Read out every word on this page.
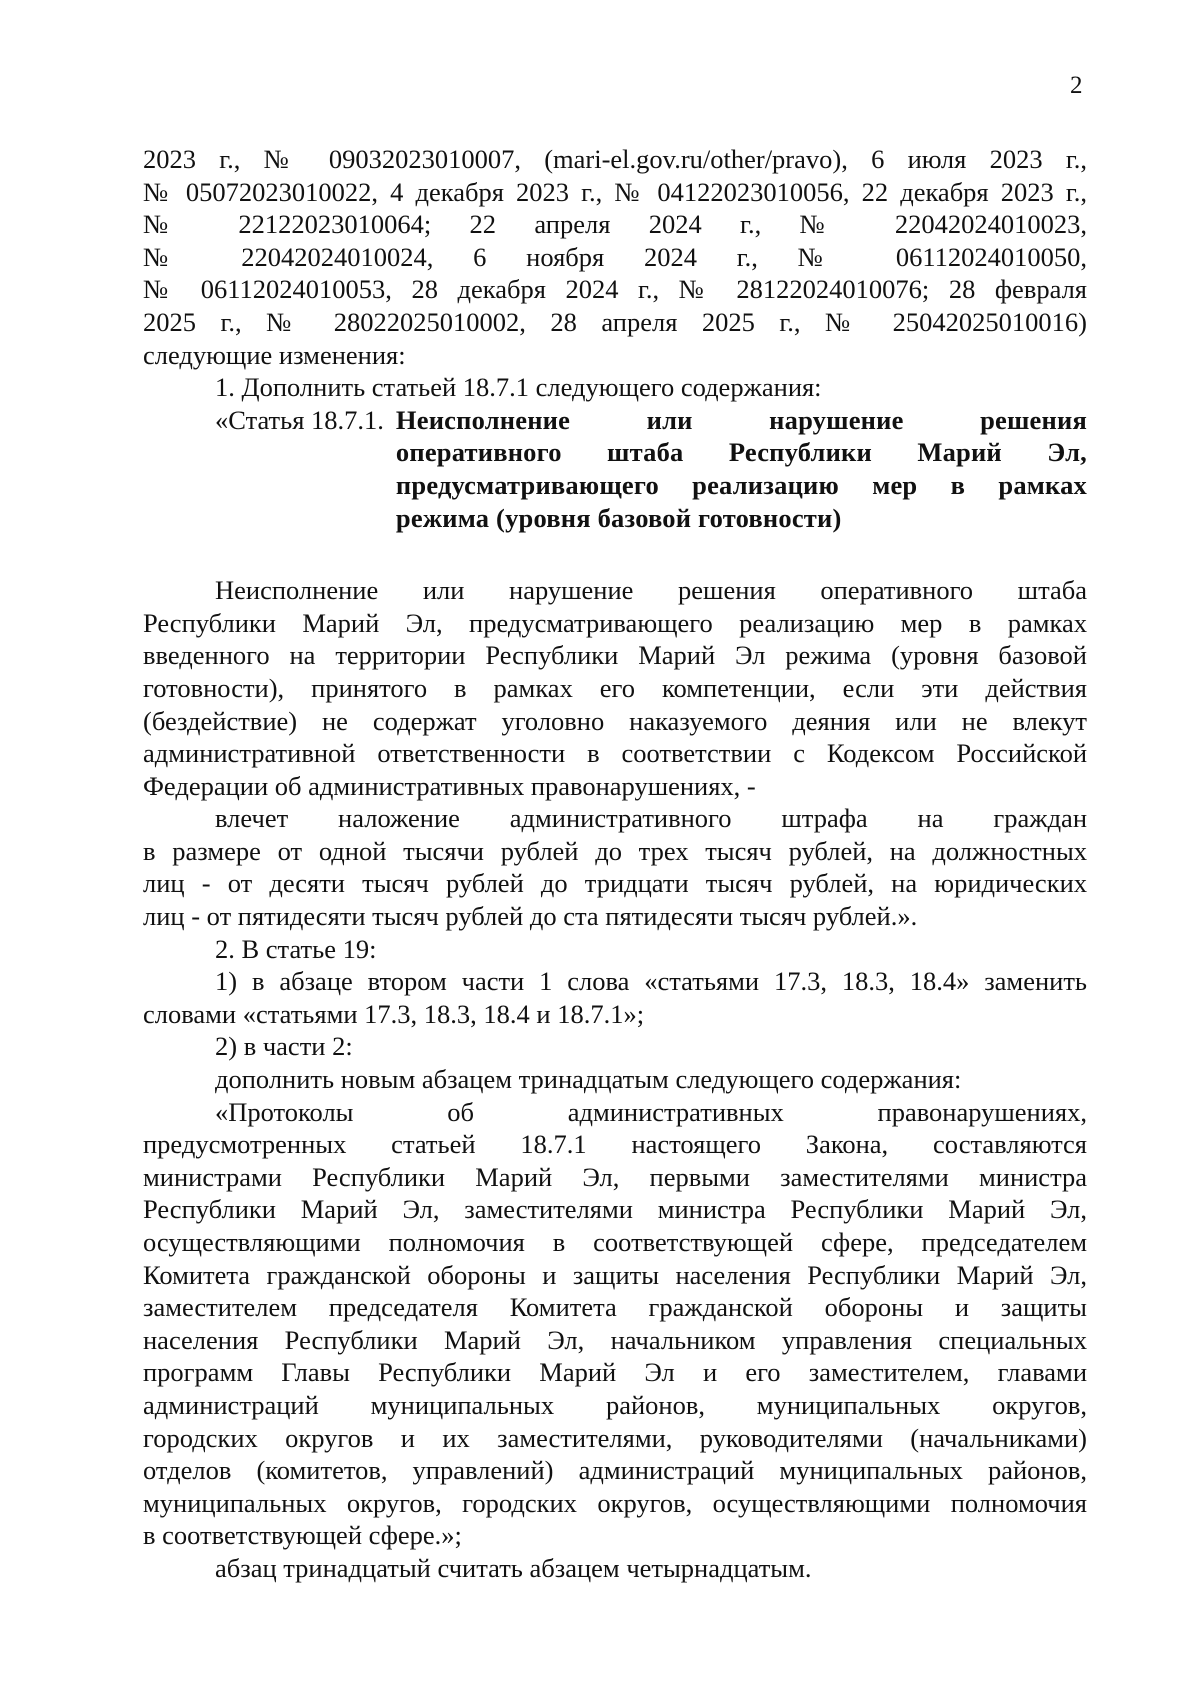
2
2023 г., № 09032023010007, (mari-el.gov.ru/other/pravo), 6 июля 2023 г.,
№ 05072023010022, 4 декабря 2023 г., № 04122023010056, 22 декабря 2023 г.,
№ 22122023010064; 22 апреля 2024 г., № 22042024010023,
№ 22042024010024, 6 ноября 2024 г., № 06112024010050,
№ 06112024010053, 28 декабря 2024 г., № 28122024010076; 28 февраля
2025 г., № 28022025010002, 28 апреля 2025 г., № 25042025010016)
следующие изменения:
1. Дополнить статьей 18.7.1 следующего содержания:
«Статья 18.7.1. Неисполнение или нарушение решения
оперативного штаба Республики Марий Эл,
предусматривающего реализацию мер в рамках
режима (уровня базовой готовности)
Неисполнение или нарушение решения оперативного штаба
Республики Марий Эл, предусматривающего реализацию мер в рамках
введенного на территории Республики Марий Эл режима (уровня базовой
готовности), принятого в рамках его компетенции, если эти действия
(бездействие) не содержат уголовно наказуемого деяния или не влекут
административной ответственности в соответствии с Кодексом Российской
Федерации об административных правонарушениях, -
влечет наложение административного штрафа на граждан
в размере от одной тысячи рублей до трех тысяч рублей, на должностных
лиц - от десяти тысяч рублей до тридцати тысяч рублей, на юридических
лиц - от пятидесяти тысяч рублей до ста пятидесяти тысяч рублей.».
2. В статье 19:
1) в абзаце втором части 1 слова «статьями 17.3, 18.3, 18.4» заменить
словами «статьями 17.3, 18.3, 18.4 и 18.7.1»;
2) в части 2:
дополнить новым абзацем тринадцатым следующего содержания:
«Протоколы об административных правонарушениях,
предусмотренных статьей 18.7.1 настоящего Закона, составляются
министрами Республики Марий Эл, первыми заместителями министра
Республики Марий Эл, заместителями министра Республики Марий Эл,
осуществляющими полномочия в соответствующей сфере, председателем
Комитета гражданской обороны и защиты населения Республики Марий Эл,
заместителем председателя Комитета гражданской обороны и защиты
населения Республики Марий Эл, начальником управления специальных
программ Главы Республики Марий Эл и его заместителем, главами
администраций муниципальных районов, муниципальных округов,
городских округов и их заместителями, руководителями (начальниками)
отделов (комитетов, управлений) администраций муниципальных районов,
муниципальных округов, городских округов, осуществляющими полномочия
в соответствующей сфере.»;
абзац тринадцатый считать абзацем четырнадцатым.
